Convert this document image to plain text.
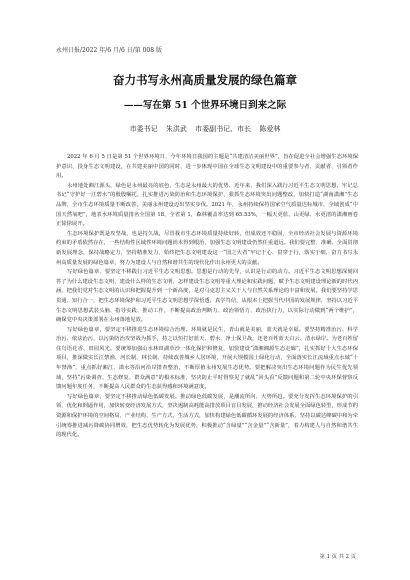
永州日报/2022 年/6 月/6 日/第 008 版
奋力书写永州高质量发展的绿色篇章
——写在第 51 个世界环境日到来之际
市委书记 朱洪武 市委副书记、市长 陈爱林

2022 年 6 月 5 日是第 51 个世界环境日，今年环境日我国的主题是“共建清洁美丽世界”，旨在促进全社会增强生态环境保护意识，投身生态文明建设，在共建美丽中国的同时，进一步体现中国在全球生态文明建设中的重要参与者、贡献者、引领者作用。

永州地处湘江源头，绿色是永州最亮的底色，生态是永州最大的优势、近年来，我们深入践行习近平生态文明思想，牢记总书记“守护好一江碧水”的殷殷嘱托，扎实推进污染防治和生态环境保护，狠抓生态环境突出问题整改，加快打造“湖南潇湘”生态品牌，全市生态环境质量不断改善，美丽永州建设迈出坚实步伐。2021 年，永州持续保持国家空气质量达标城市，全域创成“中国天然氧吧”，地表水环境质量排名全国第 18、全省第 1，森林覆盖率达到 65.53%，一幅天更蓝、山更绿、水更清的潇湘画卷正徐徐展开。

生态环境保护既是攻坚战，也是持久战，尽管我市生态环境质量持续好转，但成效还不稳固，全市经济社会发展与资源环境约束的矛盾依然存在，一些结构性区域性环境问题尚未得到根治，加强生态文明建设仍然任重道远。我们要完整、准确、全面贯彻新发展理念，保持战略定力，坚持精准发力，始终把生态文明建设这一“国之大者”牢记于心、贯穿于行，落实于细，奋力书写永州高质量发展的绿色篇章，努力为建设人与自然和谐共生的现代化作出永州更大的贡献。

写好绿色篇章，要坚定不移践行习近平生态文明思想。思想是行动的先导，认识是行动的动力。习近平生态文明思想深刻回答了为什么建设生态文明、建设什么样的生态文明、怎样建设生态文明等重大理论和实践问题，赋予生态文明建设理论新的时代内涵，把我们党对生态文明的认识和把握提升到一个新高度，是对马克思主义关于人与自然关系理论的丰富和发展。我们要坚持学思贯通、知行合一，把生态环境保护和习近平生态文明思想学深悟透、真学笃信，从根本上把握当代中国的发展规律，坚持以习近平生态文明思想武装头脑、指导实践、推动工作，不断提高政治判断力、政治领悟力、政治执行力，以实际行动做到“两个维护”，确保党中央决策部署在永州落地见效。

写好绿色篇章，要坚定不移推进生态环境综合治理。环境就是民生，青山就是美丽，蓝天就是幸福。要坚持精准治污、科学治污、依法治污，以污染防治攻坚战为抓手，持之以恒打好蓝天、碧水、净土保卫战，还老百姓蓝天白云、清水绿岸。为老百姓留住鸟语花香、田园风光。要统筹加强山水林田湖草沙一体化保护和修复，加快建设“潇湘湘源生态走廊”，扎实抓好十大生态环保项目，推深做实长江禁渔、河长制、林长制、持续改善城乡人居环境，开展大规模国土绿化行动，全面落实长江流域重点水域“十年禁渔”，重点抓好湘江、潇水等沿河沿岸排查整治，不断厚植永州发展生态优势。要把解决突出生态环境问题作为民生优先领域，坚持“污染调查、生态修复、群众满意”的根本标准，坚决防止平时督察见了就乱“回头看”反馈问题和第二轮中央环保督察反馈问题年度任务，不断提高人民群众的生态获得感和环境满意度。

写好绿色篇章，要坚定不移推动绿色低碳发展。推动绿色低碳发展，是潮流所向、大势所趋。要充分发挥生态环境保护的引领、优化和倒逼作用，加快转变经济发展方式，坚决遏制高耗能高排放项目盲目发展，推动经济社会发展全面绿色转型，形成节约资源和保护环境的空间格局、产业结构、生产方式、生活方式，加快构建绿色低碳循环发展的经济体系，坚持以碳达峰碳中和为牵引统筹推进减污降碳协同增效，把生态优势转化为发展优势，积极推动“含绿量”“含金量”“含新量”，着力构建人与自然和谐共生的现代化。

第 1 页 共 2 页
